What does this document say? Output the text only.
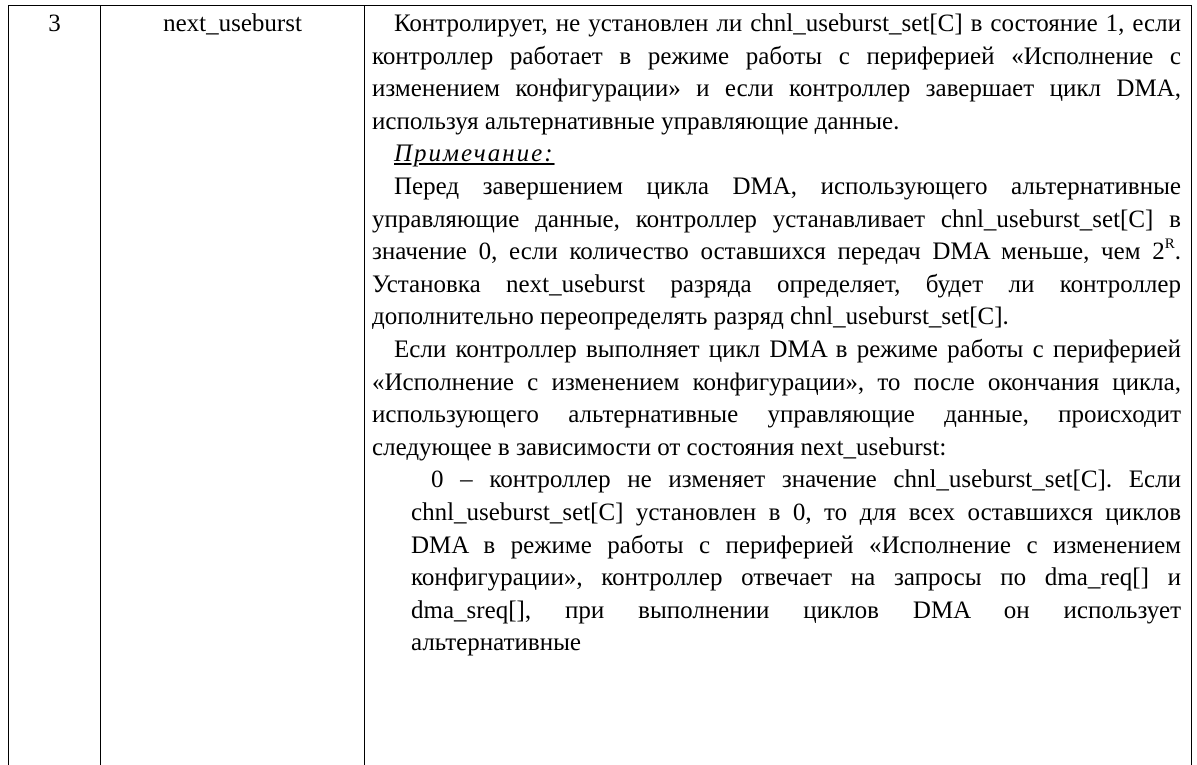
3	next_useburst	Контролирует, не установлен ли chnl_useburst_set[C] в состояние 1, если контроллер работает в режиме работы с периферией «Исполнение с изменением конфигурации» и если контроллер завершает цикл DMA, используя альтернативные управляющие данные.

Примечание:

Перед завершением цикла DMA, использующего альтернативные управляющие данные, контроллер устанавливает chnl_useburst_set[C] в значение 0, если количество оставшихся передач DMA меньше, чем $2^R$. Установка next_useburst разряда определяет, будет ли контроллер дополнительно переопределять разряд chnl_useburst_set[C].

Если контроллер выполняет цикл DMA в режиме работы с периферией «Исполнение с изменением конфигурации», то после окончания цикла, использующего альтернативные управляющие данные, происходит следующее в зависимости от состояния next_useburst:

0 – контроллер не изменяет значение chnl_useburst_set[C]. Если chnl_useburst_set[C] установлен в 0, то для всех оставшихся циклов DMA в режиме работы с периферией «Исполнение с изменением конфигурации», контроллер отвечает на запросы по dma_req[] и dma_sreq[], при выполнении циклов DMA он использует альтернативные
